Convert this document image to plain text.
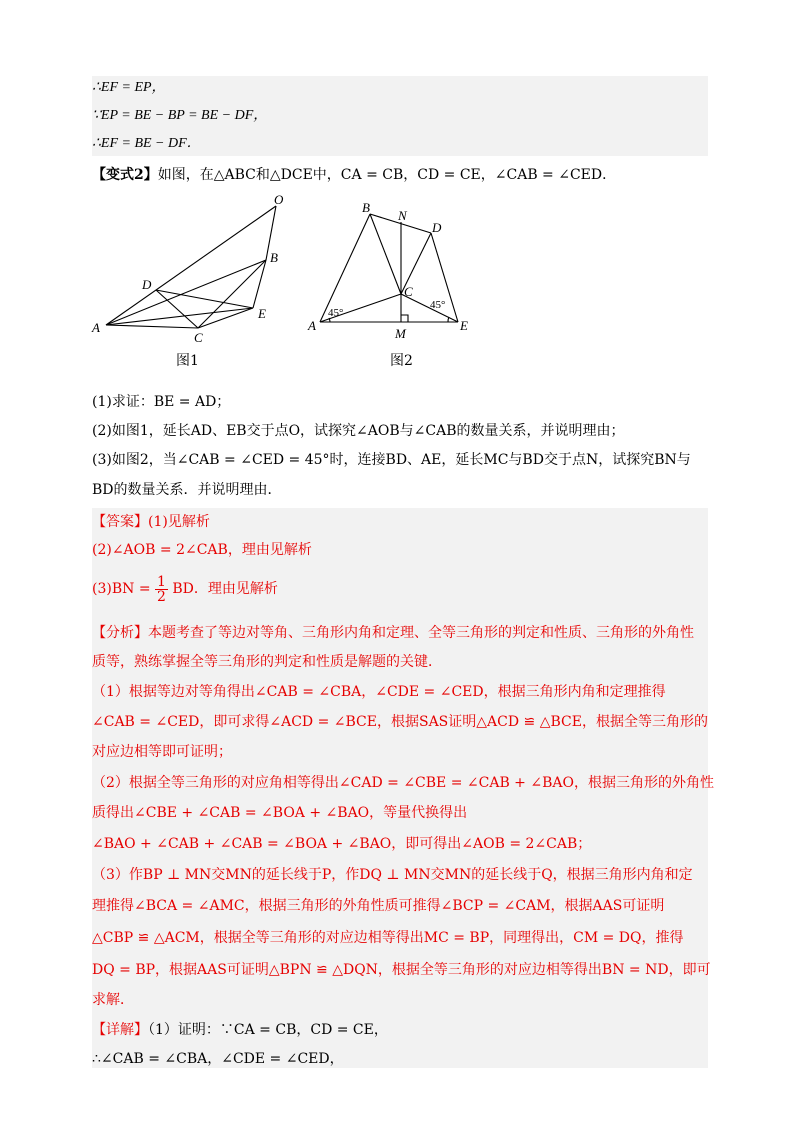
∴EF = EP，
∵EP = BE − BP = BE − DF，
∴EF = BE − DF．
【变式2】如图，在△ABC和△DCE中，CA = CB，CD = CE，∠CAB = ∠CED．
O
B
D
A
C
E
图1
B
N
D
C
A
M
E
45°
45°
图2
(1)求证：BE = AD；
(2)如图1，延长AD、EB交于点O，试探究∠AOB与∠CAB的数量关系，并说明理由；
(3)如图2，当∠CAB = ∠CED = 45°时，连接BD、AE，延长MC与BD交于点N，试探究BN与
BD的数量关系．并说明理由．
【答案】(1)见解析
(2)∠AOB = 2∠CAB，理由见解析
$(3)BN = \frac{1}{2}$ BD．理由见解析
【分析】本题考查了等边对等角、三角形内角和定理、全等三角形的判定和性质、三角形的外角性
质等，熟练掌握全等三角形的判定和性质是解题的关键．
（1）根据等边对等角得出∠CAB = ∠CBA，∠CDE = ∠CED，根据三角形内角和定理推得
∠CAB = ∠CED，即可求得∠ACD = ∠BCE，根据SAS证明△ACD ≌ △BCE，根据全等三角形的
对应边相等即可证明；
（2）根据全等三角形的对应角相等得出∠CAD = ∠CBE = ∠CAB + ∠BAO，根据三角形的外角性
质得出∠CBE + ∠CAB = ∠BOA + ∠BAO，等量代换得出
∠BAO + ∠CAB + ∠CAB = ∠BOA + ∠BAO，即可得出∠AOB = 2∠CAB；
（3）作BP ⊥ MN交MN的延长线于P，作DQ ⊥ MN交MN的延长线于Q，根据三角形内角和定
理推得∠BCA = ∠AMC，根据三角形的外角性质可推得∠BCP = ∠CAM，根据AAS可证明
△CBP ≌ △ACM，根据全等三角形的对应边相等得出MC = BP，同理得出，CM = DQ，推得
DQ = BP，根据AAS可证明△BPN ≌ △DQN，根据全等三角形的对应边相等得出BN = ND，即可
求解．
【详解】（1）证明：∵CA = CB，CD = CE，
∴∠CAB = ∠CBA，∠CDE = ∠CED，
